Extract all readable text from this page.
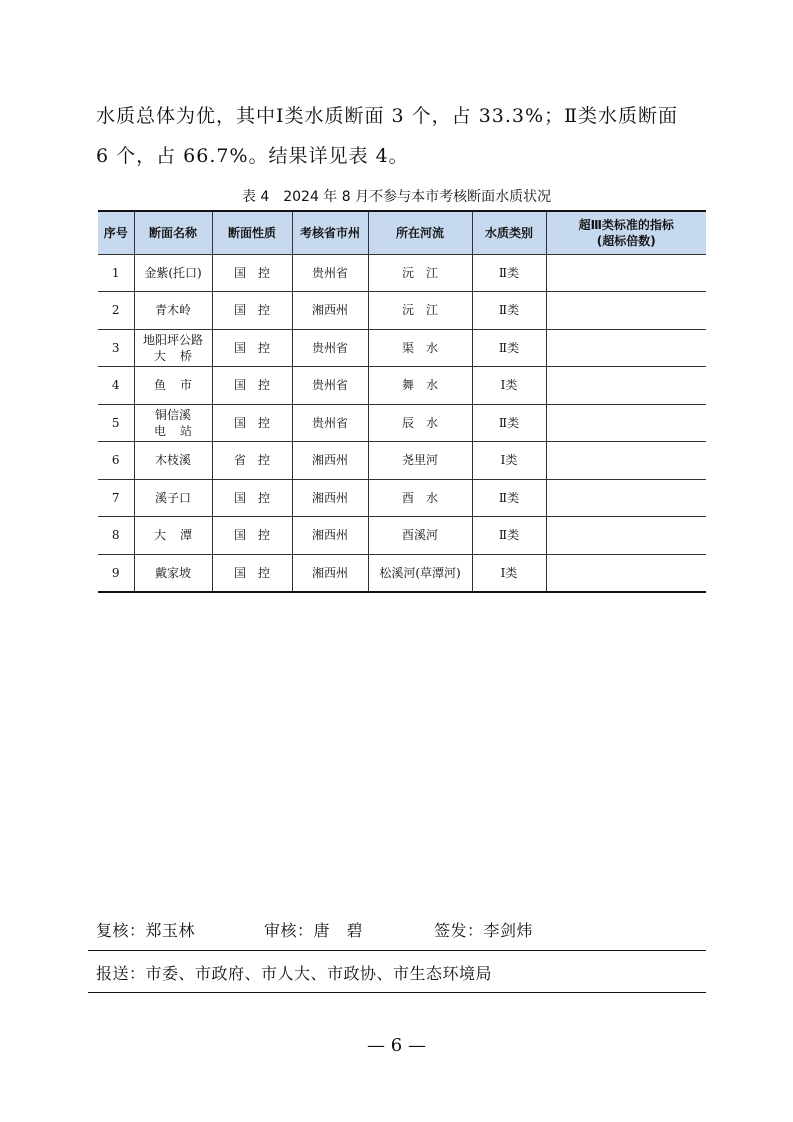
水质总体为优，其中Ⅰ类水质断面 3 个，占 33.3%；Ⅱ类水质断面
6 个，占 66.7%。结果详见表 4。
表 4　2024 年 8 月不参与本市考核断面水质状况
序号	断面名称	断面性质	考核省市州	所在河流	水质类别	超Ⅲ类标准的指标
(超标倍数)

1	金紫(托口)	国控	贵州省	沅江	Ⅱ类	
2	青木岭	国控	湘西州	沅江	Ⅱ类	
3	地阳坪公路
大桥	国控	贵州省	渠水	Ⅱ类	
4	鱼市	国控	贵州省	舞水	Ⅰ类	
5	铜信溪
电站	国控	贵州省	辰水	Ⅱ类	
6	木枝溪	省控	湘西州	尧里河	Ⅰ类	
7	溪子口	国控	湘西州	酉水	Ⅱ类	
8	大潭	国控	湘西州	酉溪河	Ⅱ类	
9	戴家坡	国控	湘西州	松溪河(草潭河)	Ⅰ类	
复核：郑玉林	审核：唐　碧	签发：李剑炜
报送：市委、市政府、市人大、市政协、市生态环境局
— 6 —
